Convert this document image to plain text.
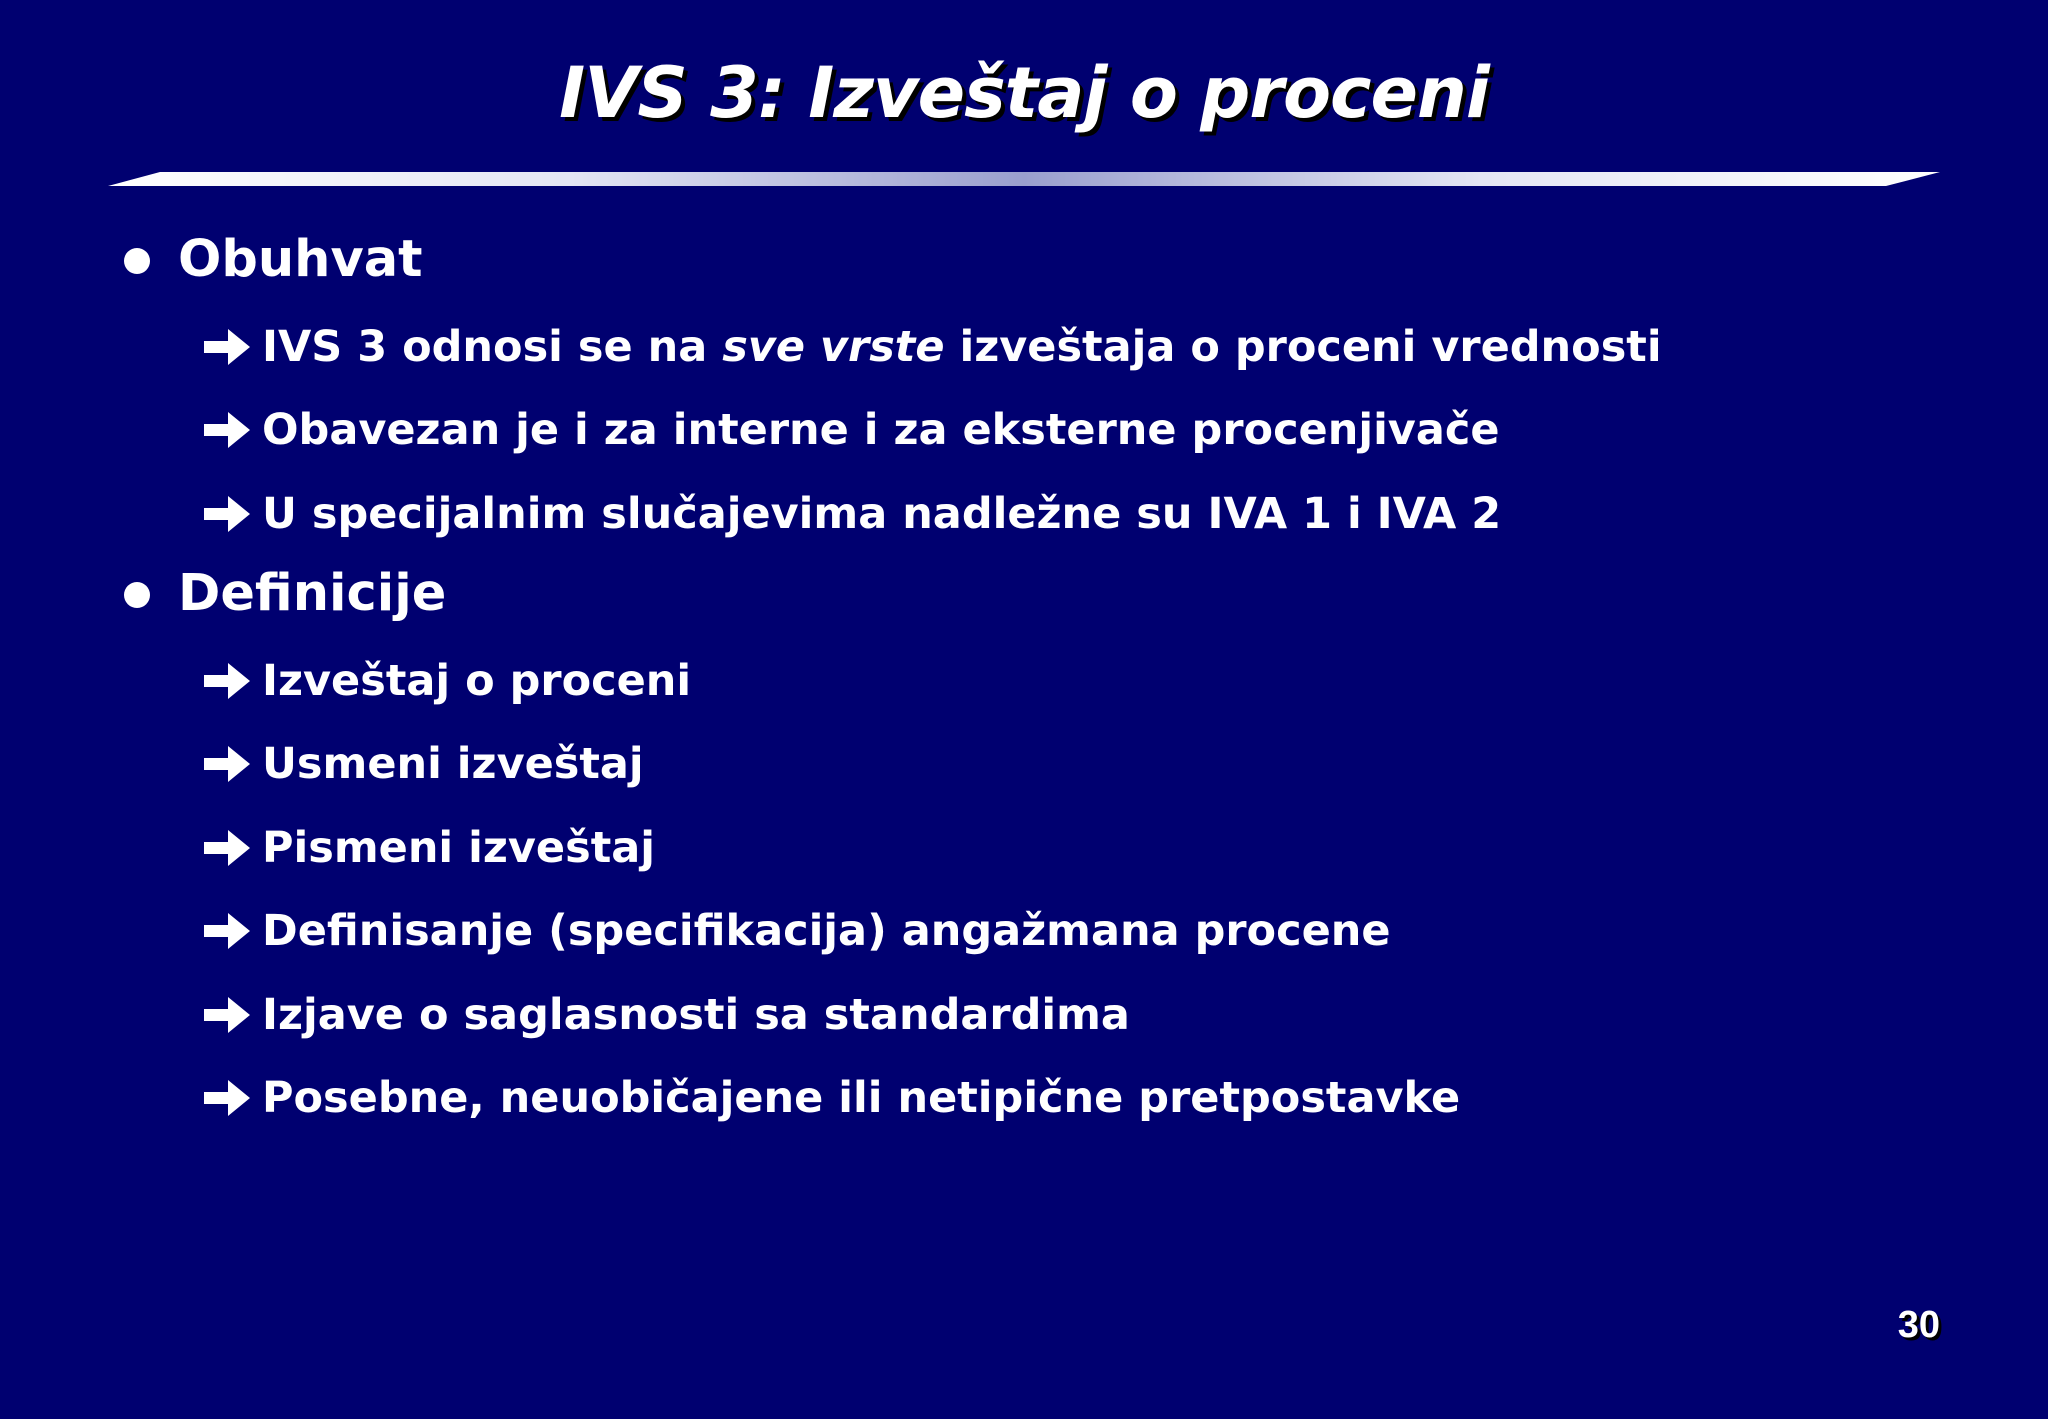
IVS 3: Izveštaj o proceni
Obuhvat
IVS 3 odnosi se na sve vrste izveštaja o proceni vrednosti
Obavezan je i za interne i za eksterne procenjivače
U specijalnim slučajevima nadležne su IVA 1 i IVA 2
Definicije
Izveštaj o proceni
Usmeni izveštaj
Pismeni izveštaj
Definisanje (specifikacija) angažmana procene
Izjave o saglasnosti sa standardima
Posebne, neuobičajene ili netipične pretpostavke
30
